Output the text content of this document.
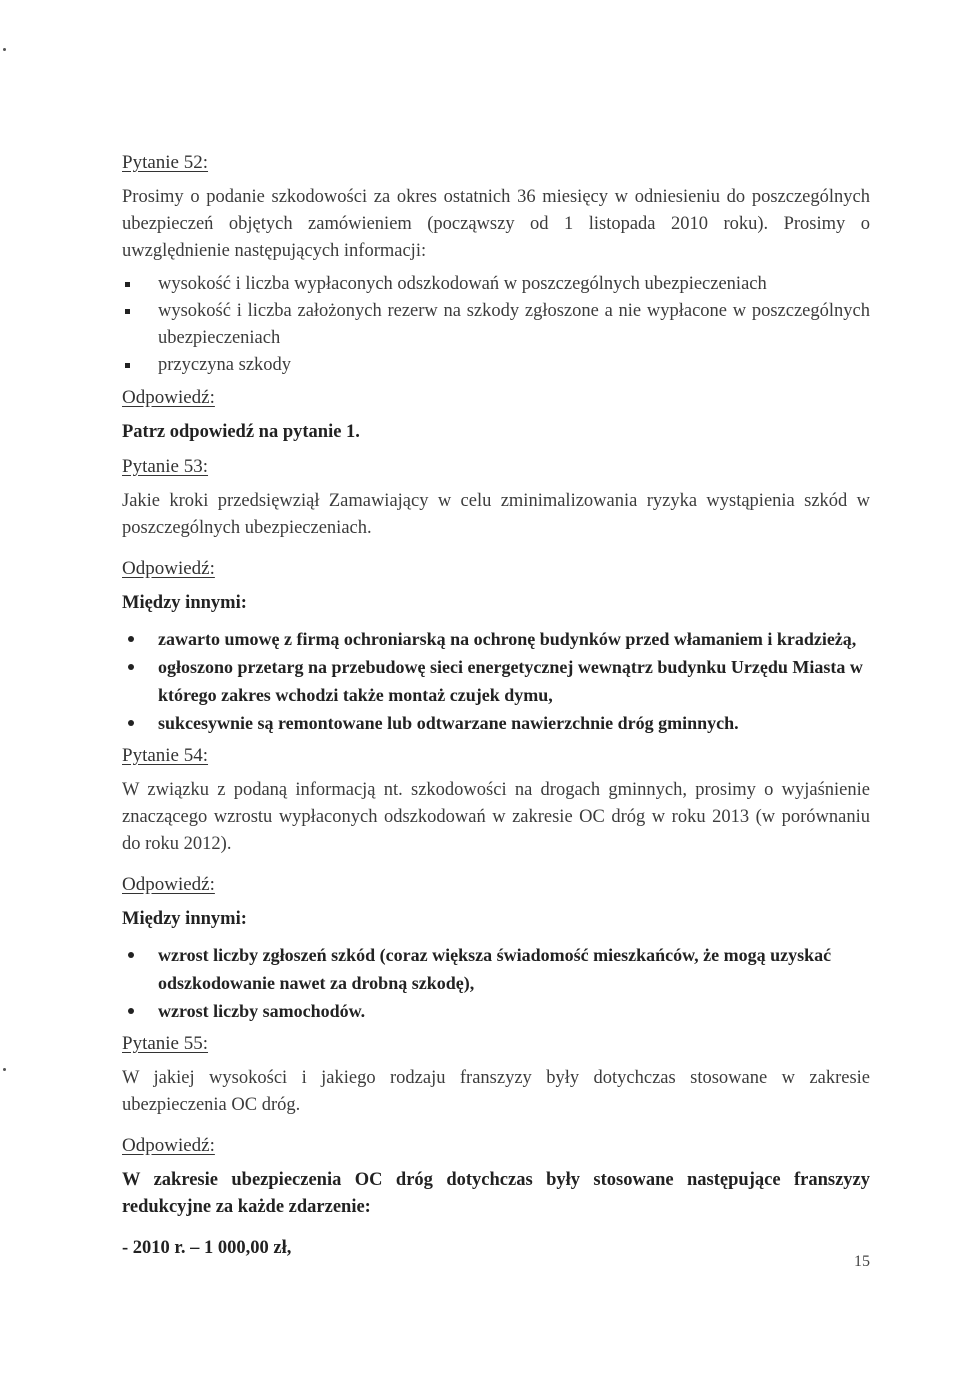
Pytanie 52:

Prosimy o podanie szkodowości za okres ostatnich 36 miesięcy w odniesieniu do poszczególnych ubezpieczeń objętych zamówieniem (począwszy od 1 listopada 2010 roku). Prosimy o uwzględnienie następujących informacji:

wysokość i liczba wypłaconych odszkodowań w poszczególnych ubezpieczeniach
wysokość i liczba założonych rezerw na szkody zgłoszone a nie wypłacone w poszczególnych ubezpieczeniach
przyczyna szkody
Odpowiedź:

Patrz odpowiedź na pytanie 1.

Pytanie 53:

Jakie kroki przedsięwziął Zamawiający w celu zminimalizowania ryzyka wystąpienia szkód w poszczególnych ubezpieczeniach.

Odpowiedź:

Między innymi:

zawarto umowę z firmą ochroniarską na ochronę budynków przed włamaniem i kradzieżą,
ogłoszono przetarg na przebudowę sieci energetycznej wewnątrz budynku Urzędu Miasta w którego zakres wchodzi także montaż czujek dymu,
sukcesywnie są remontowane lub odtwarzane nawierzchnie dróg gminnych.
Pytanie 54:

W związku z podaną informacją nt. szkodowości na drogach gminnych, prosimy o wyjaśnienie znaczącego wzrostu wypłaconych odszkodowań w zakresie OC dróg w roku 2013 (w porównaniu do roku 2012).

Odpowiedź:

Między innymi:

wzrost liczby zgłoszeń szkód (coraz większa świadomość mieszkańców, że mogą uzyskać odszkodowanie nawet za drobną szkodę),
wzrost liczby samochodów.
Pytanie 55:

W jakiej wysokości i jakiego rodzaju franszyzy były dotychczas stosowane w zakresie ubezpieczenia OC dróg.

Odpowiedź:

W zakresie ubezpieczenia OC dróg dotychczas były stosowane następujące franszyzy redukcyjne za każde zdarzenie:

- 2010 r. – 1 000,00 zł,

15
